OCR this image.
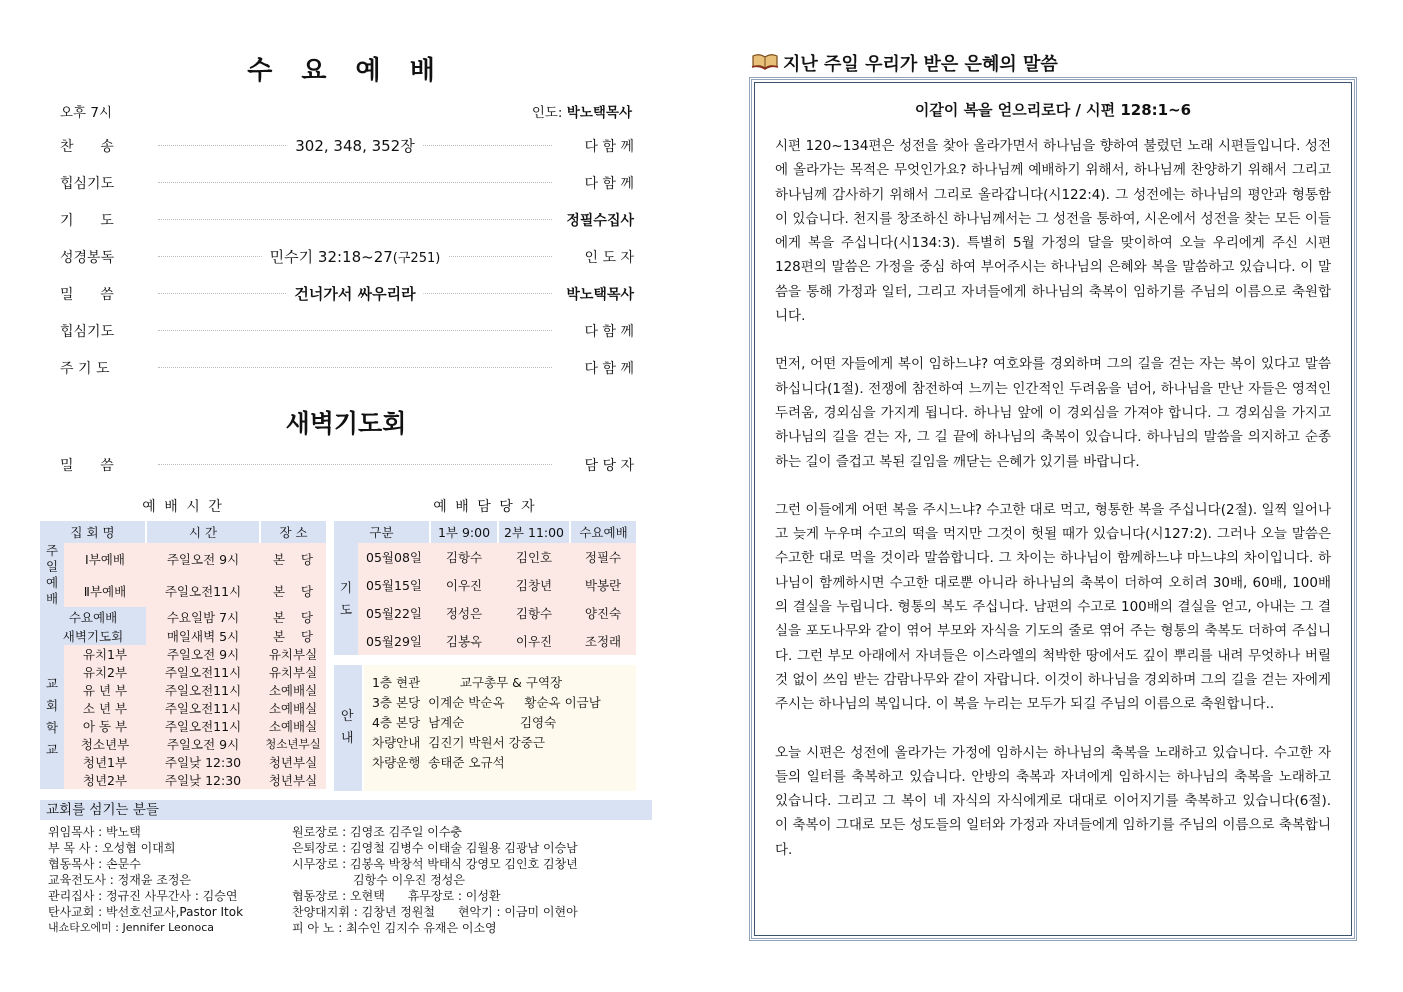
수 요 예 배
오후 7시	인도: 박노택목사
찬      송	302, 348, 352장	다 함 께
힙심기도	다 함 께
기      도	정필수집사
성경봉독	민수기 32:18~27(구251)	인 도 자
밀      씀	건너가서 싸우리라	박노택목사
힙심기도	다 함 께
주 기 도	다 함 께
새벽기도회
밀      씀	담 당 자
예 배 시 간
집 회 명		시 간	장 소
주일예배	Ⅰ부예배	주일오전 9시	본    당
	Ⅱ부예배	주일오전11시	본    당
수요예배		수요일밤 7시	본    당
새벽기도회		매일새벽 5시	본    당
교회학교	유치1부	주일오전 9시	유치부실
	유치2부	주일오전11시	유치부실
	유 년 부	주일오전11시	소예배실
	소 년 부	주일오전11시	소예배실
	아 동 부	주일오전11시	소예배실
	청소년부	주일오전 9시	청소년부실
	청년1부	주일낮 12:30	청년부실
	청년2부	주일낮 12:30	청년부실
예 배 담 당 자
구분		1부 9:00	2부 11:00	수요예배
기도	05월08일	김항수	김인호	정필수
	05월15일	이우진	김창년	박봉란
	05월22일	정성은	김항수	양진숙
	05월29일	김봉옥	이우진	조정래

안내
1층 현관          교구총무 & 구역장
3층 본당 이계순 박순옥     황순옥 이금남
4층 본당 남계순              김영숙
차량안내 김진기 박원서 강중근
차량운행 송태준 오규석
교회를 섬기는 분들
위임목사 : 박노택
부 목 사 : 오성협 이대희
협동목사 : 손문수
교육전도사 : 정재윤 조정은
관리집사 : 정규진 사무간사 : 김승연
탄사교회 : 박선호선교사,Pastor Itok
내쇼타오에미 : Jennifer Leonoca
원로장로 : 김영조 김주일 이수충
은퇴장로 : 김영철 김병수 이태술 김월용 김광남 이승남
시무장로 : 김봉옥 박창석 박태식 강영모 김인호 김창년
김항수 이우진 정성은
협동장로 : 오현택      휴무장로 : 이성환
찬양대지휘 : 김창년 정원철      현악기 : 이금미 이현아
피 아 노 : 최수인 김지수 유재은 이소영
지난 주일 우리가 받은 은혜의 말씀
이같이 복을 얻으리로다 / 시편 128:1~6

시편 120~134편은 성전을 찾아 올라가면서 하나님을 향하여 불렀던 노래 시편들입니다. 성전에 올라가는 목적은 무엇인가요? 하나님께 예배하기 위해서, 하나님께 찬양하기 위해서 그리고 하나님께 감사하기 위해서 그리로 올라갑니다(시122:4). 그 성전에는 하나님의 평안과 형통함이 있습니다. 천지를 창조하신 하나님께서는 그 성전을 통하여, 시온에서 성전을 찾는 모든 이들에게 복을 주십니다(시134:3). 특별히 5월 가정의 달을 맞이하여 오늘 우리에게 주신 시편 128편의 말씀은 가정을 중심 하여 부어주시는 하나님의 은혜와 복을 말씀하고 있습니다. 이 말씀을 통해 가정과 일터, 그리고 자녀들에게 하나님의 축복이 임하기를 주님의 이름으로 축원합니다.

먼저, 어떤 자들에게 복이 임하느냐? 여호와를 경외하며 그의 길을 걷는 자는 복이 있다고 말씀하십니다(1절). 전쟁에 참전하여 느끼는 인간적인 두려움을 넘어, 하나님을 만난 자들은 영적인 두려움, 경외심을 가지게 됩니다. 하나님 앞에 이 경외심을 가져야 합니다. 그 경외심을 가지고 하나님의 길을 걷는 자, 그 길 끝에 하나님의 축복이 있습니다. 하나님의 말씀을 의지하고 순종하는 길이 즐겁고 복된 길임을 깨닫는 은혜가 있기를 바랍니다.

그런 이들에게 어떤 복을 주시느냐? 수고한 대로 먹고, 형통한 복을 주십니다(2절). 일찍 일어나고 늦게 누우며 수고의 떡을 먹지만 그것이 헛될 때가 있습니다(시127:2). 그러나 오늘 말씀은 수고한 대로 먹을 것이라 말씀합니다. 그 차이는 하나님이 함께하느냐 마느냐의 차이입니다. 하나님이 함께하시면 수고한 대로뿐 아니라 하나님의 축복이 더하여 오히려 30배, 60배, 100배의 결실을 누립니다. 형통의 복도 주십니다. 남편의 수고로 100배의 결실을 얻고, 아내는 그 결실을 포도나무와 같이 엮어 부모와 자식을 기도의 줄로 엮어 주는 형통의 축복도 더하여 주십니다. 그런 부모 아래에서 자녀들은 이스라엘의 척박한 땅에서도 깊이 뿌리를 내려 무엇하나 버릴 것 없이 쓰임 받는 감람나무와 같이 자랍니다. 이것이 하나님을 경외하며 그의 길을 걷는 자에게 주시는 하나님의 복입니다. 이 복을 누리는 모두가 되길 주님의 이름으로 축원합니다..

오늘 시편은 성전에 올라가는 가정에 임하시는 하나님의 축복을 노래하고 있습니다. 수고한 자들의 일터를 축복하고 있습니다. 안방의 축복과 자녀에게 임하시는 하나님의 축복을 노래하고 있습니다. 그리고 그 복이 네 자식의 자식에게로 대대로 이어지기를 축복하고 있습니다(6절). 이 축복이 그대로 모든 성도들의 일터와 가정과 자녀들에게 임하기를 주님의 이름으로 축복합니다.
